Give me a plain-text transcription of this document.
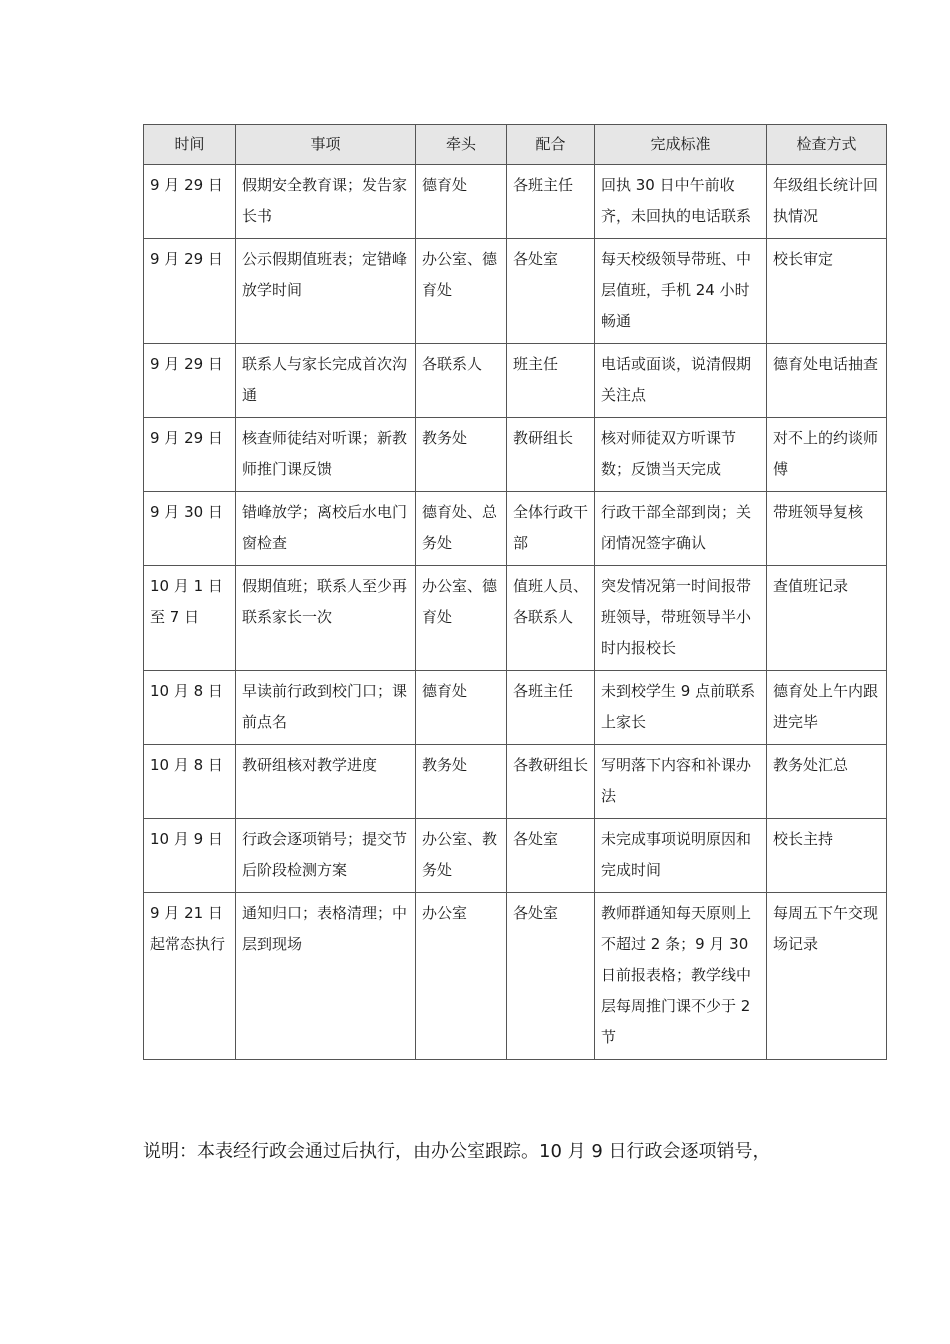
时间	事项	牵头	配合	完成标准	检查方式
9 月 29 日	假期安全教育课；发告家长书	德育处	各班主任	回执 30 日中午前收齐，未回执的电话联系	年级组长统计回执情况
9 月 29 日	公示假期值班表；定错峰放学时间	办公室、德育处	各处室	每天校级领导带班、中层值班，手机 24 小时畅通	校长审定
9 月 29 日	联系人与家长完成首次沟通	各联系人	班主任	电话或面谈，说清假期关注点	德育处电话抽查
9 月 29 日	核查师徒结对听课；新教师推门课反馈	教务处	教研组长	核对师徒双方听课节数；反馈当天完成	对不上的约谈师傅
9 月 30 日	错峰放学；离校后水电门窗检查	德育处、总务处	全体行政干部	行政干部全部到岗；关闭情况签字确认	带班领导复核
10 月 1 日至 7 日	假期值班；联系人至少再联系家长一次	办公室、德育处	值班人员、各联系人	突发情况第一时间报带班领导，带班领导半小时内报校长	查值班记录
10 月 8 日	早读前行政到校门口；课前点名	德育处	各班主任	未到校学生 9 点前联系上家长	德育处上午内跟进完毕
10 月 8 日	教研组核对教学进度	教务处	各教研组长	写明落下内容和补课办法	教务处汇总
10 月 9 日	行政会逐项销号；提交节后阶段检测方案	办公室、教务处	各处室	未完成事项说明原因和完成时间	校长主持
9 月 21 日起常态执行	通知归口；表格清理；中层到现场	办公室	各处室	教师群通知每天原则上不超过 2 条；9 月 30 日前报表格；教学线中层每周推门课不少于 2 节	每周五下午交现场记录

说明：本表经行政会通过后执行，由办公室跟踪。10 月 9 日行政会逐项销号，
